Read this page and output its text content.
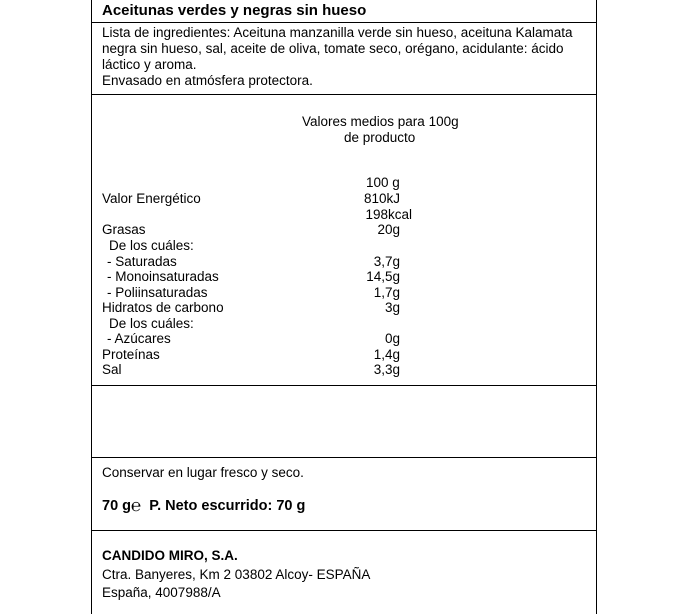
Aceitunas verdes y negras sin hueso
Lista de ingredientes: Aceituna manzanilla verde sin hueso, aceituna Kalamata
negra sin hueso, sal, aceite de oliva, tomate seco, orégano, acidulante: ácido
láctico y aroma.
Envasado en atmósfera protectora.
Valores medios para 100g
de producto
100 g
Valor Energético	810kJ
198kcal
Grasas	20g
De los cuáles:
- Saturadas	3,7g
- Monoinsaturadas	14,5g
- Poliinsaturadas	1,7g
Hidratos de carbono	3g
De los cuáles:
- Azúcares	0g
Proteínas	1,4g
Sal	3,3g
Conservar en lugar fresco y seco.
70 g℮ P. Neto escurrido: 70 g
CANDIDO MIRO, S.A.
Ctra. Banyeres, Km 2 03802 Alcoy- ESPAÑA
España, 4007988/A
